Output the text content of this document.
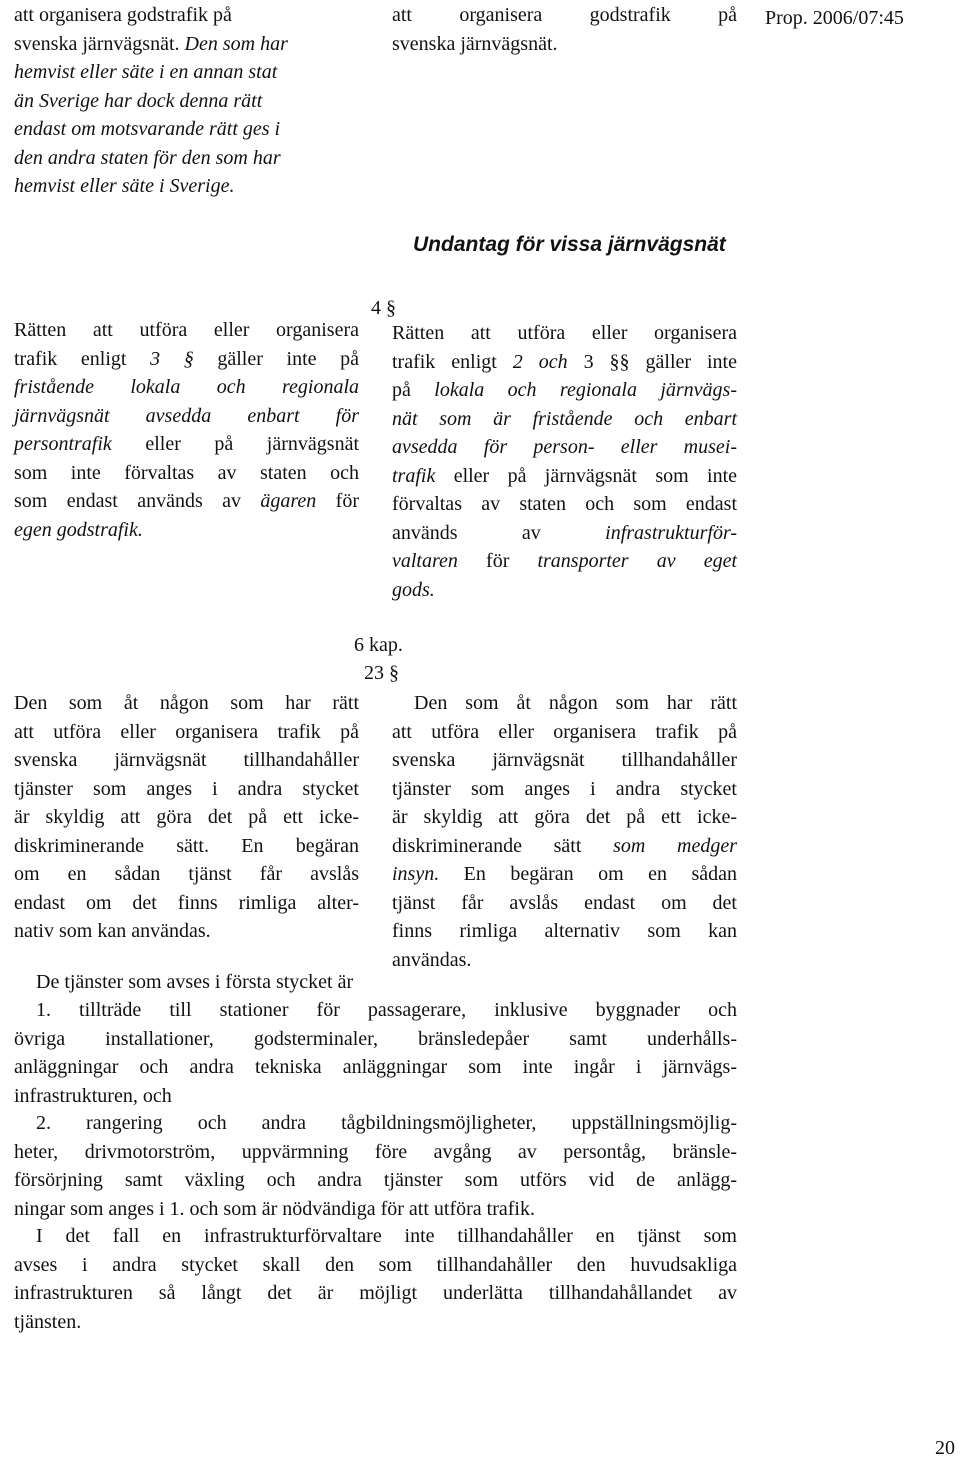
Prop. 2006/07:45
att organisera godstrafik på
svenska järnvägsnät. Den som har
hemvist eller säte i en annan stat
än Sverige har dock denna rätt
endast om motsvarande rätt ges i
den andra staten för den som har
hemvist eller säte i Sverige.
att organisera godstrafik på
svenska järnvägsnät.
Undantag för vissa järnvägsnät
4 §
Rätten att utföra eller organisera
trafik enligt 3 § gäller inte på
fristående lokala och regionala
järnvägsnät avsedda enbart för
persontrafik eller på järnvägsnät
som inte förvaltas av staten och
som endast används av ägaren för
egen godstrafik.
Rätten att utföra eller organisera
trafik enligt 2 och 3 §§ gäller inte
på lokala och regionala järnvägs-
nät som är fristående och enbart
avsedda för person- eller musei-
trafik eller på järnvägsnät som inte
förvaltas av staten och som endast
används av infrastrukturför-
valtaren för transporter av eget
gods.
6 kap.
23 §
Den som åt någon som har rätt
att utföra eller organisera trafik på
svenska järnvägsnät tillhandahåller
tjänster som anges i andra stycket
är skyldig att göra det på ett icke-
diskriminerande sätt. En begäran
om en sådan tjänst får avslås
endast om det finns rimliga alter-
nativ som kan användas.
Den som åt någon som har rätt
att utföra eller organisera trafik på
svenska järnvägsnät tillhandahåller
tjänster som anges i andra stycket
är skyldig att göra det på ett icke-
diskriminerande sätt som medger
insyn. En begäran om en sådan
tjänst får avslås endast om det
finns rimliga alternativ som kan
användas.
De tjänster som avses i första stycket är
1. tillträde till stationer för passagerare, inklusive byggnader och
övriga installationer, godsterminaler, bränsledepåer samt underhålls-
anläggningar och andra tekniska anläggningar som inte ingår i järnvägs-
infrastrukturen, och
2. rangering och andra tågbildningsmöjligheter, uppställningsmöjlig-
heter, drivmotorström, uppvärmning före avgång av persontåg, bränsle-
försörjning samt växling och andra tjänster som utförs vid de anlägg-
ningar som anges i 1. och som är nödvändiga för att utföra trafik.
I det fall en infrastrukturförvaltare inte tillhandahåller en tjänst som
avses i andra stycket skall den som tillhandahåller den huvudsakliga
infrastrukturen så långt det är möjligt underlätta tillhandahållandet av
tjänsten.
20
